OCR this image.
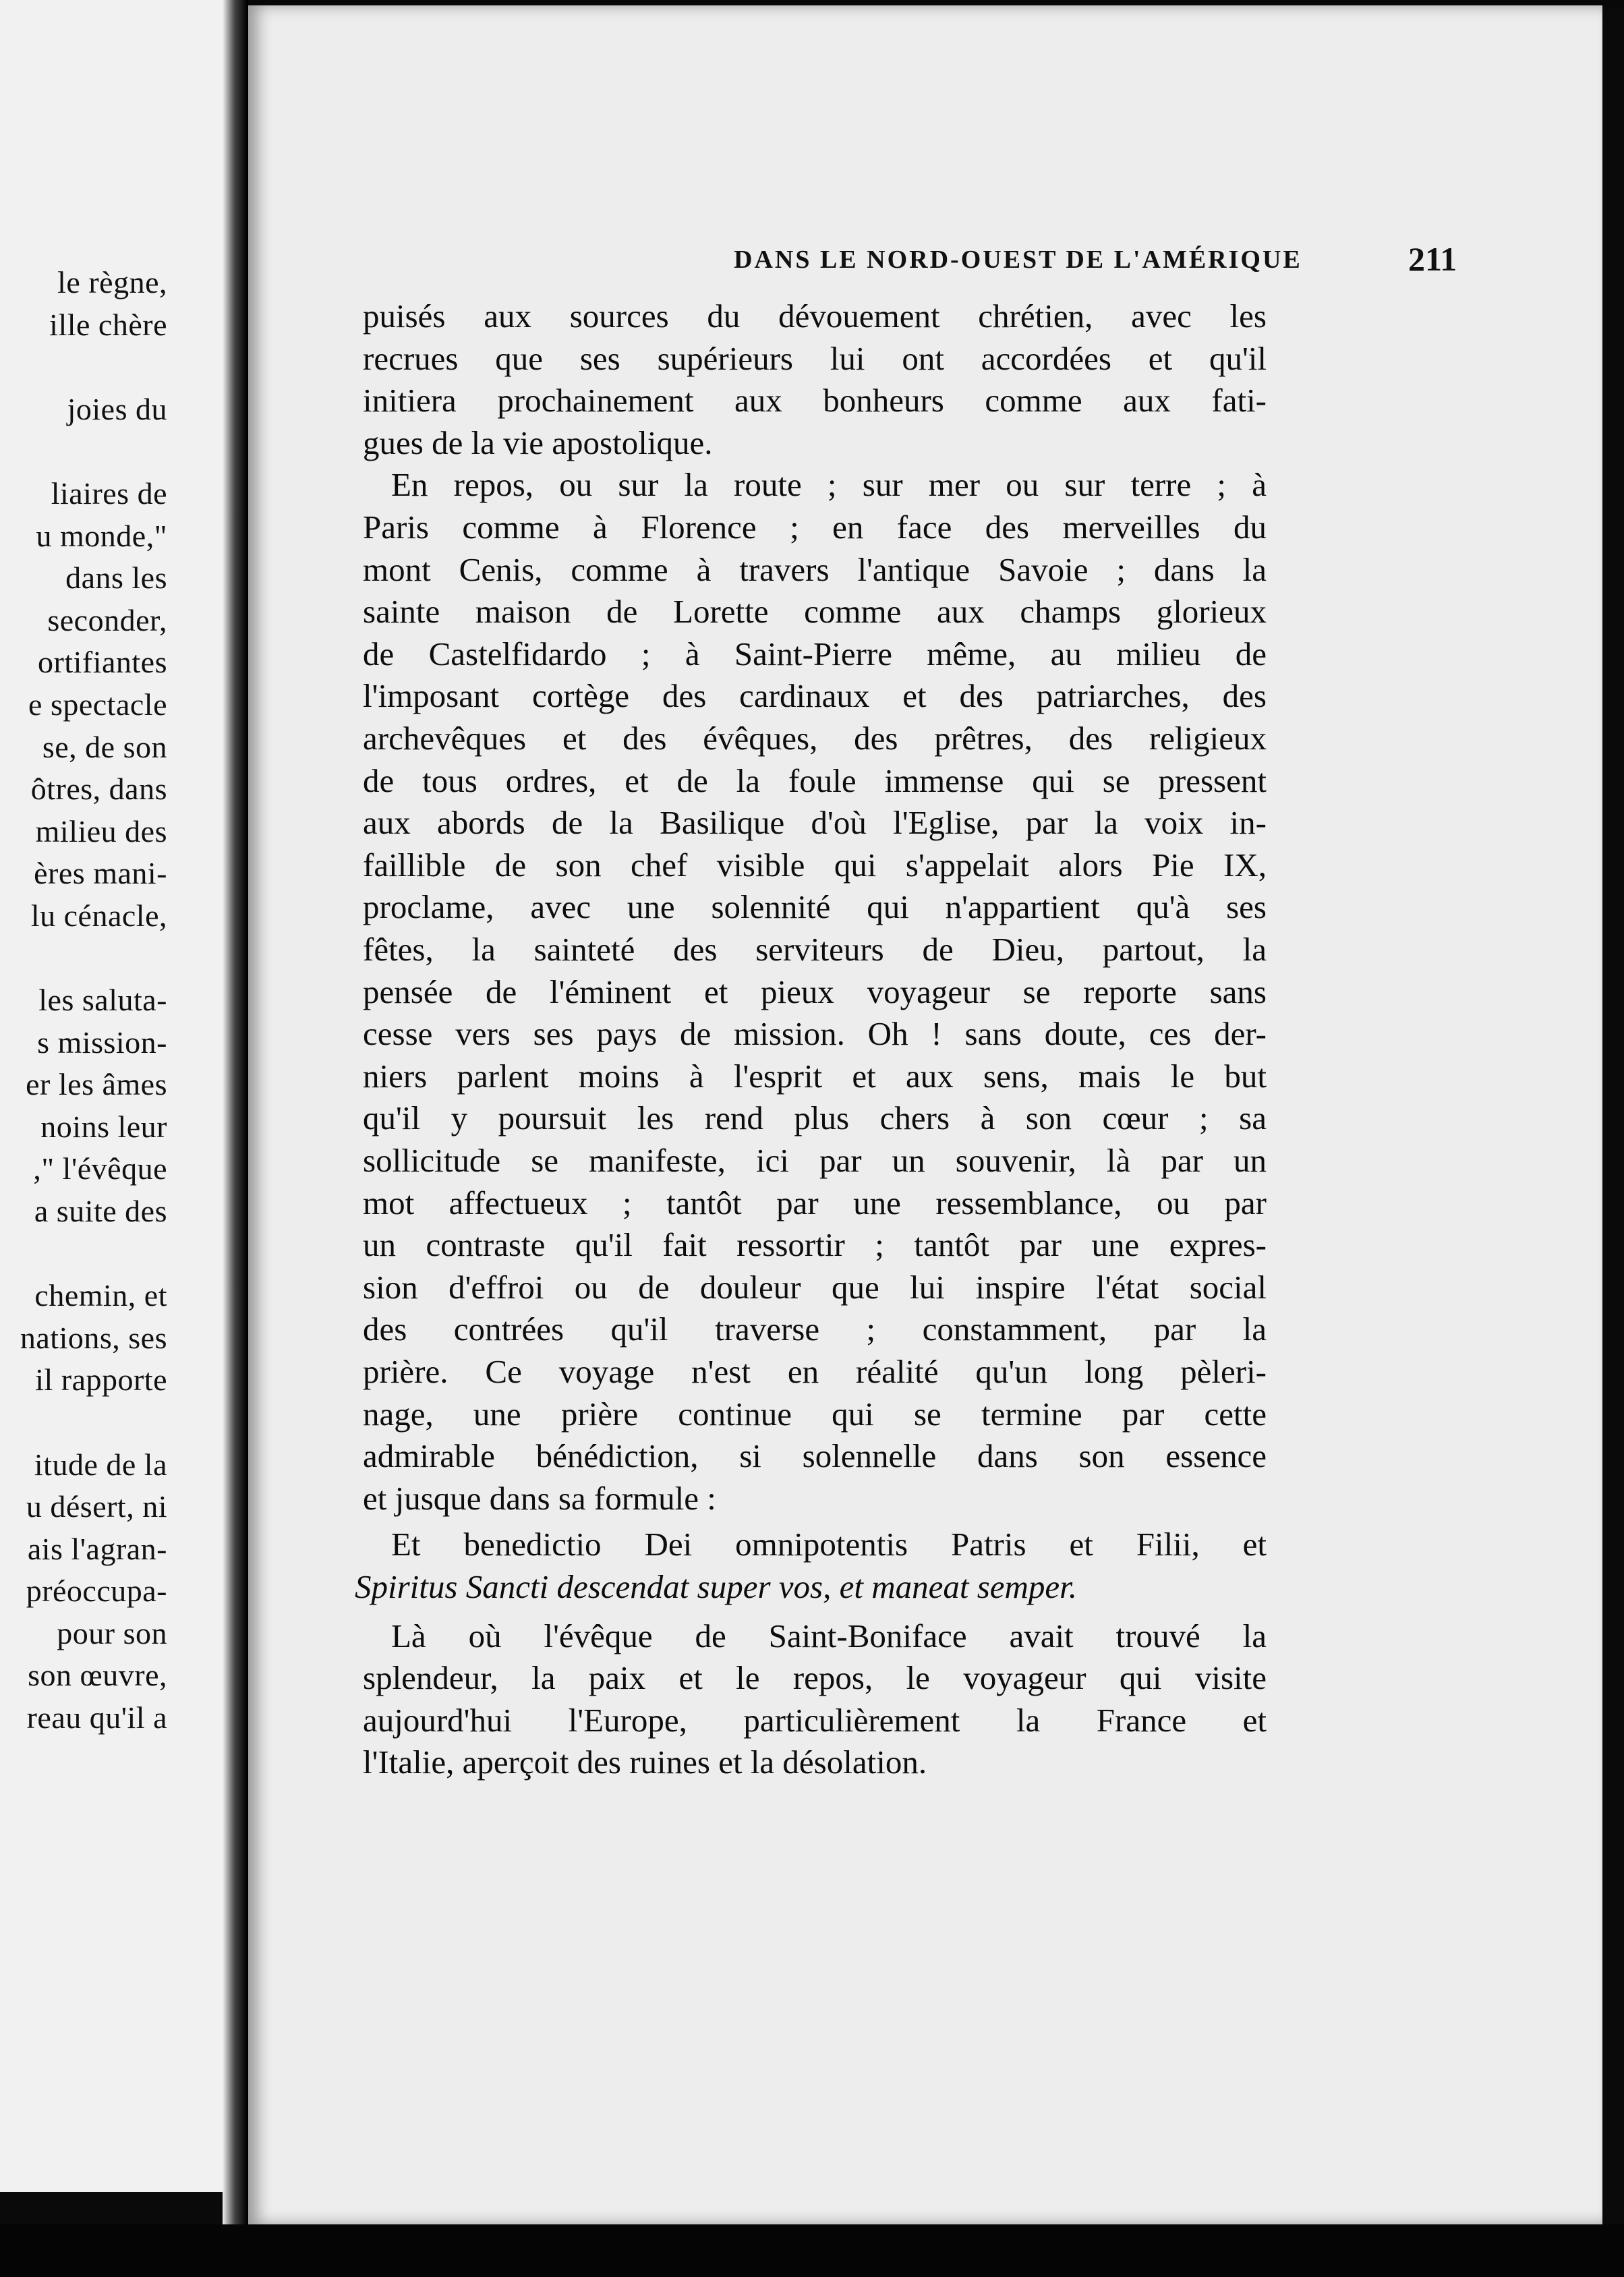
le règne,
ille chère
joies du
liaires de
u monde,"
dans les
seconder,
ortifiantes
e spectacle
se, de son
ôtres, dans
milieu des
ères mani-
lu cénacle,
les saluta-
s mission-
er les âmes
noins leur
," l'évêque
a suite des
chemin, et
nations, ses
il rapporte
itude de la
u désert, ni
ais l'agran-
préoccupa-
pour son
son œuvre,
reau qu'il a
DANS LE NORD-OUEST DE L'AMÉRIQUE	211
puisés aux sources du dévouement chrétien, avec les
recrues que ses supérieurs lui ont accordées et qu'il
initiera prochainement aux bonheurs comme aux fati-
gues de la vie apostolique.
En repos, ou sur la route ; sur mer ou sur terre ; à
Paris comme à Florence ; en face des merveilles du
mont Cenis, comme à travers l'antique Savoie ; dans la
sainte maison de Lorette comme aux champs glorieux
de Castelfidardo ; à Saint-Pierre même, au milieu de
l'imposant cortège des cardinaux et des patriarches, des
archevêques et des évêques, des prêtres, des religieux
de tous ordres, et de la foule immense qui se pressent
aux abords de la Basilique d'où l'Eglise, par la voix in-
faillible de son chef visible qui s'appelait alors Pie IX,
proclame, avec une solennité qui n'appartient qu'à ses
fêtes, la sainteté des serviteurs de Dieu, partout, la
pensée de l'éminent et pieux voyageur se reporte sans
cesse vers ses pays de mission. Oh ! sans doute, ces der-
niers parlent moins à l'esprit et aux sens, mais le but
qu'il y poursuit les rend plus chers à son cœur ; sa
sollicitude se manifeste, ici par un souvenir, là par un
mot affectueux ; tantôt par une ressemblance, ou par
un contraste qu'il fait ressortir ; tantôt par une expres-
sion d'effroi ou de douleur que lui inspire l'état social
des contrées qu'il traverse ; constamment, par la
prière. Ce voyage n'est en réalité qu'un long pèleri-
nage, une prière continue qui se termine par cette
admirable bénédiction, si solennelle dans son essence
et jusque dans sa formule :
Et benedictio Dei omnipotentis Patris et Filii, et
Spiritus Sancti descendat super vos, et maneat semper.
Là où l'évêque de Saint-Boniface avait trouvé la
splendeur, la paix et le repos, le voyageur qui visite
aujourd'hui l'Europe, particulièrement la France et
l'Italie, aperçoit des ruines et la désolation.
